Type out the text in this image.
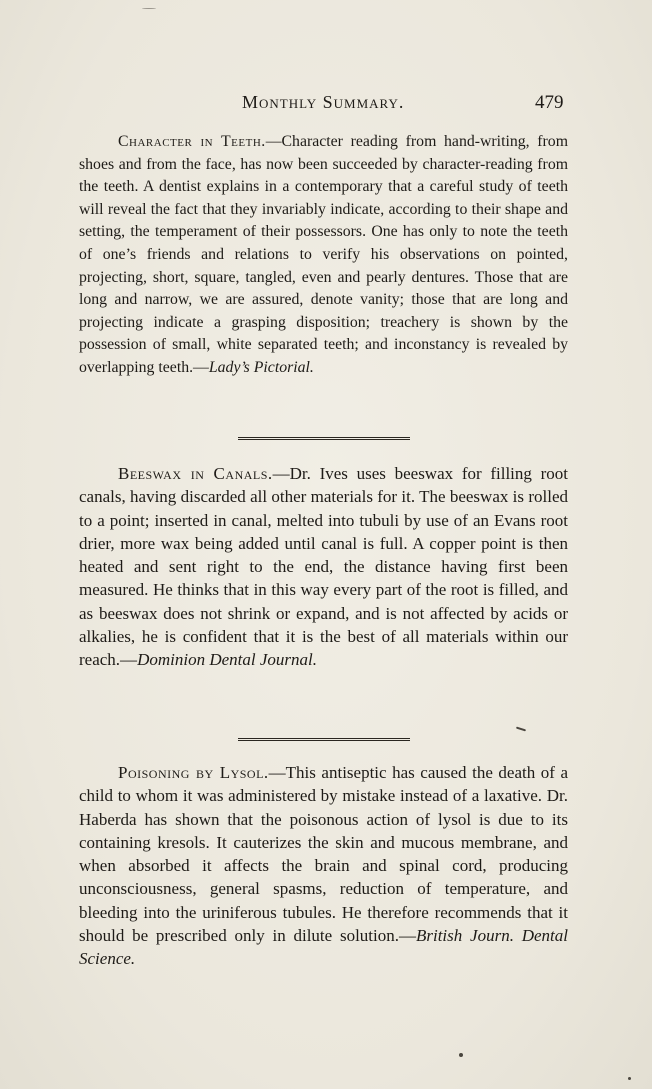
Monthly Summary.	479

Character in Teeth.—Character reading from hand-writing, from shoes and from the face, has now been succeeded by character-reading from the teeth. A dentist explains in a contemporary that a careful study of teeth will reveal the fact that they invariably indicate, according to their shape and setting, the temperament of their possessors. One has only to note the teeth of one’s friends and relations to verify his observations on pointed, projecting, short, square, tangled, even and pearly dentures. Those that are long and narrow, we are assured, denote vanity; those that are long and projecting indicate a grasping disposition; treachery is shown by the possession of small, white separated teeth; and inconstancy is revealed by overlapping teeth.—Lady’s Pictorial.

Beeswax in Canals.—Dr. Ives uses beeswax for filling root canals, having discarded all other materials for it. The beeswax is rolled to a point; inserted in canal, melted into tubuli by use of an Evans root drier, more wax being added until canal is full. A copper point is then heated and sent right to the end, the distance having first been measured. He thinks that in this way every part of the root is filled, and as beeswax does not shrink or expand, and is not affected by acids or alkalies, he is confident that it is the best of all materials within our reach.—Dominion Dental Journal.

Poisoning by Lysol.—This antiseptic has caused the death of a child to whom it was administered by mistake instead of a laxative. Dr. Haberda has shown that the poisonous action of lysol is due to its containing kresols. It cauterizes the skin and mucous membrane, and when absorbed it affects the brain and spinal cord, producing unconsciousness, general spasms, reduction of temperature, and bleeding into the uriniferous tubules. He therefore recommends that it should be prescribed only in dilute solution.—British Journ. Dental Science.
